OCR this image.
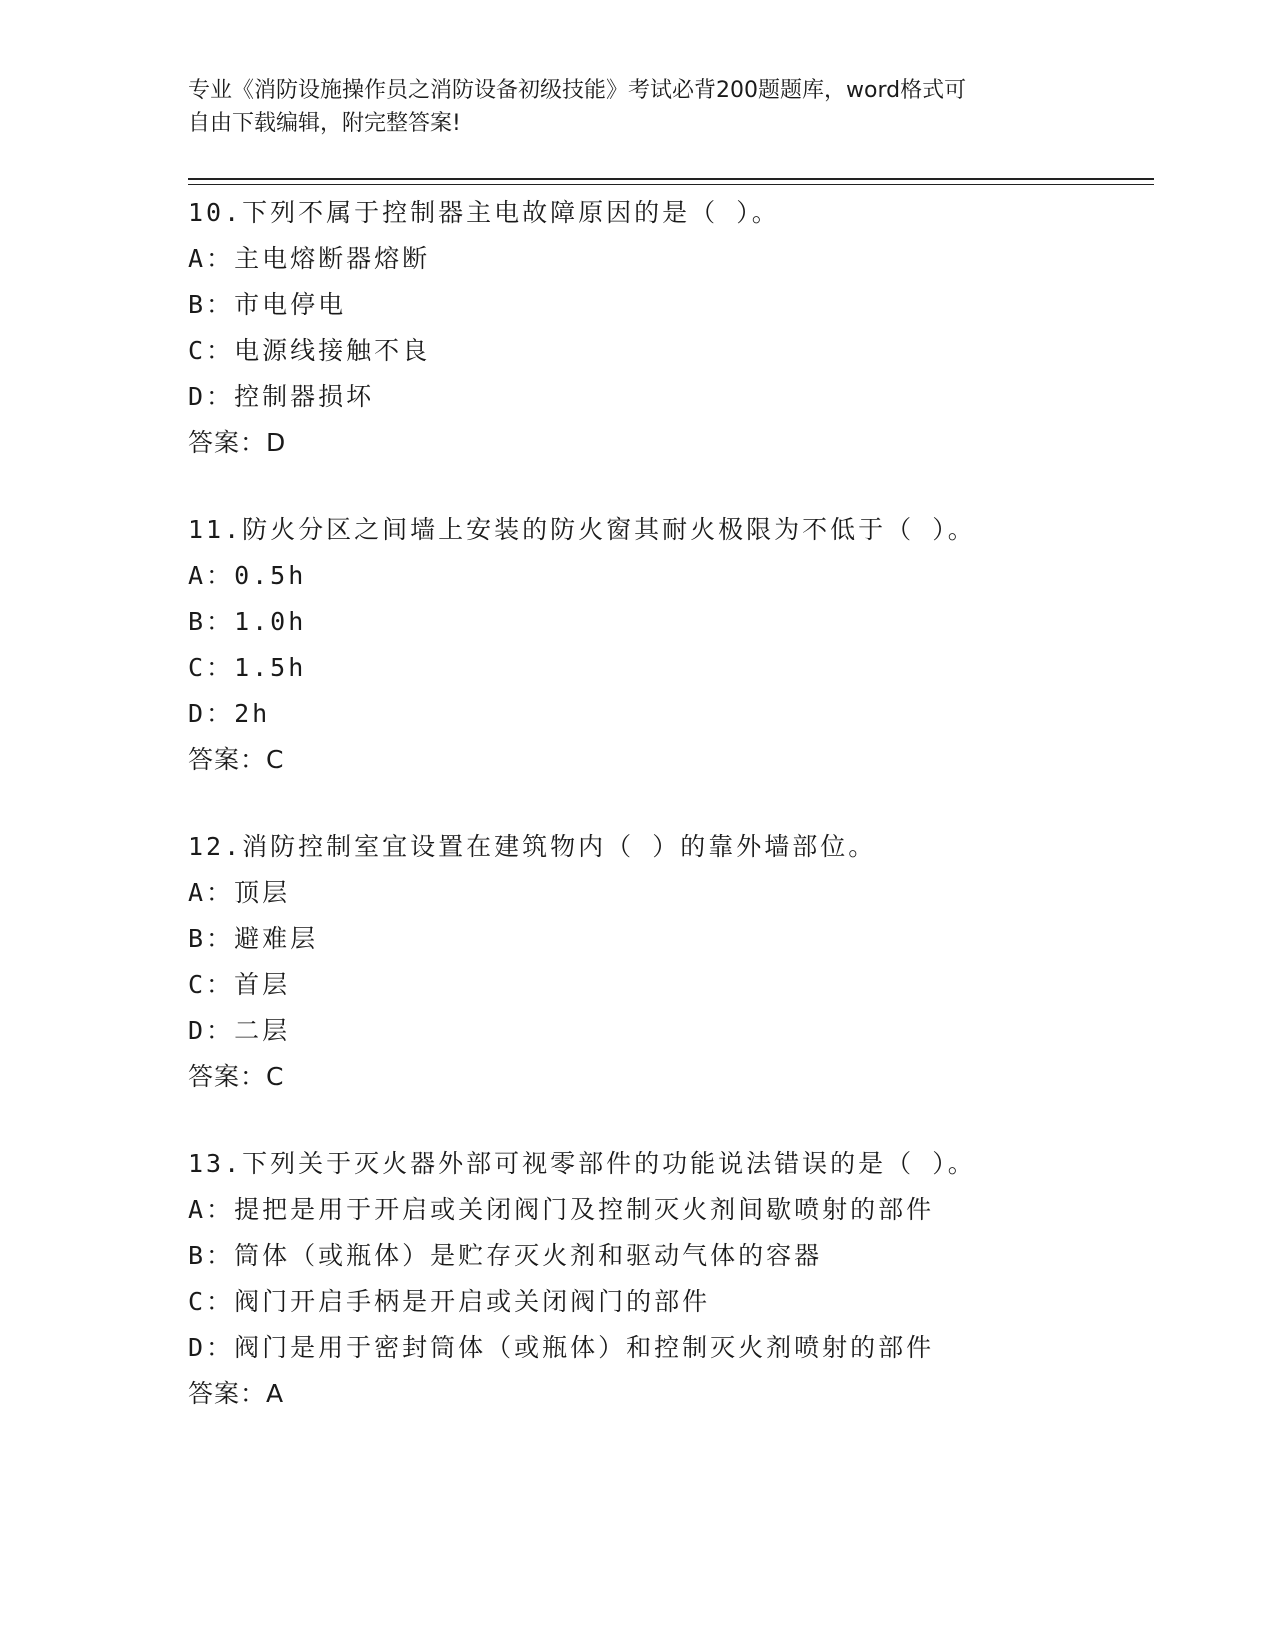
专业《消防设施操作员之消防设备初级技能》考试必背200题题库，word格式可
自由下载编辑，附完整答案!
10.下列不属于控制器主电故障原因的是（ ）。
A：主电熔断器熔断
B：市电停电
C：电源线接触不良
D：控制器损坏
答案：D
11.防火分区之间墙上安装的防火窗其耐火极限为不低于（ ）。
A：0.5h
B：1.0h
C：1.5h
D：2h
答案：C
12.消防控制室宜设置在建筑物内（ ）的靠外墙部位。
A：顶层
B：避难层
C：首层
D：二层
答案：C
13.下列关于灭火器外部可视零部件的功能说法错误的是（ ）。
A：提把是用于开启或关闭阀门及控制灭火剂间歇喷射的部件
B：筒体（或瓶体）是贮存灭火剂和驱动气体的容器
C：阀门开启手柄是开启或关闭阀门的部件
D：阀门是用于密封筒体（或瓶体）和控制灭火剂喷射的部件
答案：A
